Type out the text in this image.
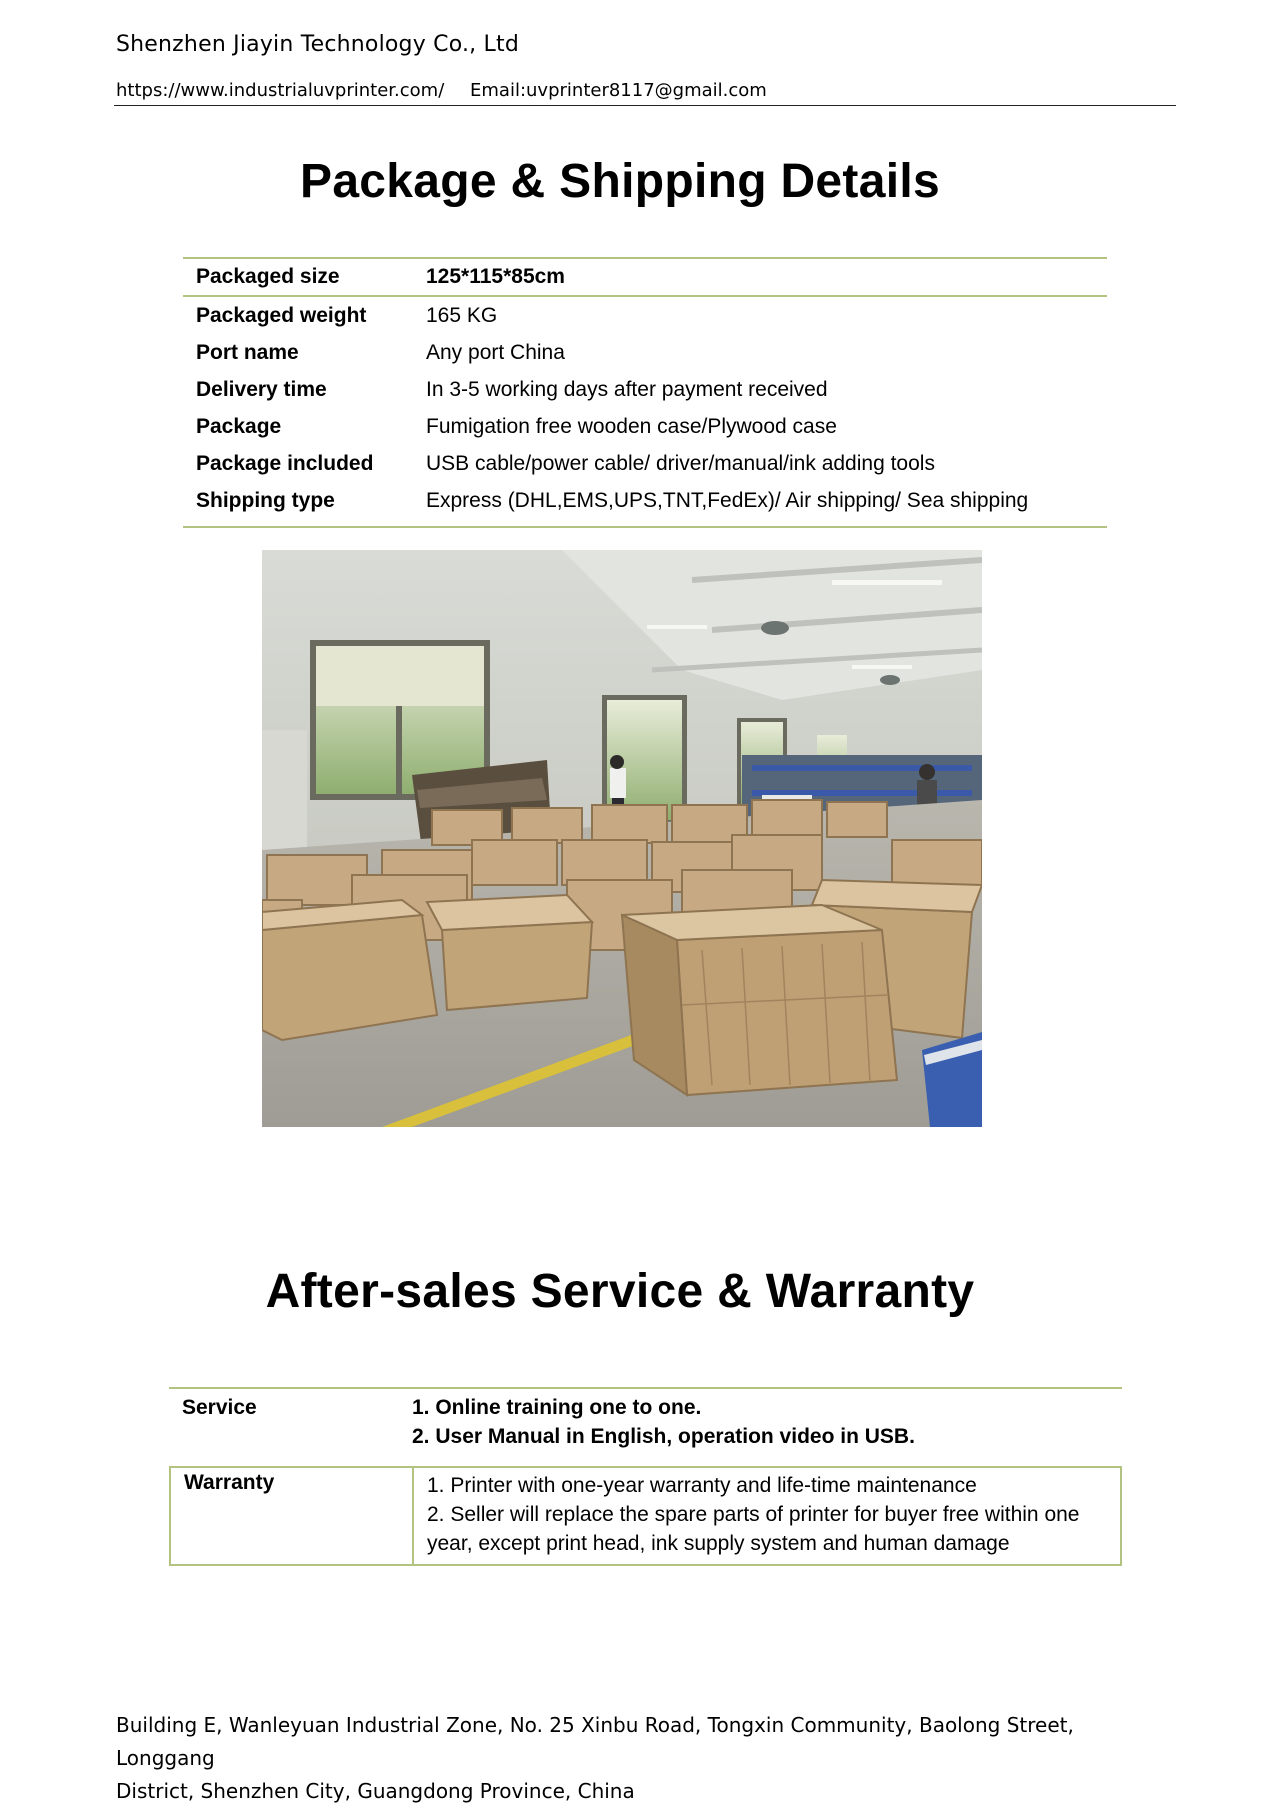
Shenzhen Jiayin Technology Co., Ltd
https://www.industrialuvprinter.com/ Email:uvprinter8117@gmail.com
Package & Shipping Details
Packaged size	125*115*85cm
Packaged weight	165 KG
Port name	Any port China
Delivery time	In 3-5 working days after payment received
Package	Fumigation free wooden case/Plywood case
Package included	USB cable/power cable/ driver/manual/ink adding tools
Shipping type	Express (DHL,EMS,UPS,TNT,FedEx)/ Air shipping/ Sea shipping
After-sales Service & Warranty
Service	1. Online training one to one.
2. User Manual in English, operation video in USB.
Warranty	1. Printer with one-year warranty and life-time maintenance
2. Seller will replace the spare parts of printer for buyer free within one
year, except print head, ink supply system and human damage
Building E, Wanleyuan Industrial Zone, No. 25 Xinbu Road, Tongxin Community, Baolong Street, Longgang
District, Shenzhen City, Guangdong Province, China
